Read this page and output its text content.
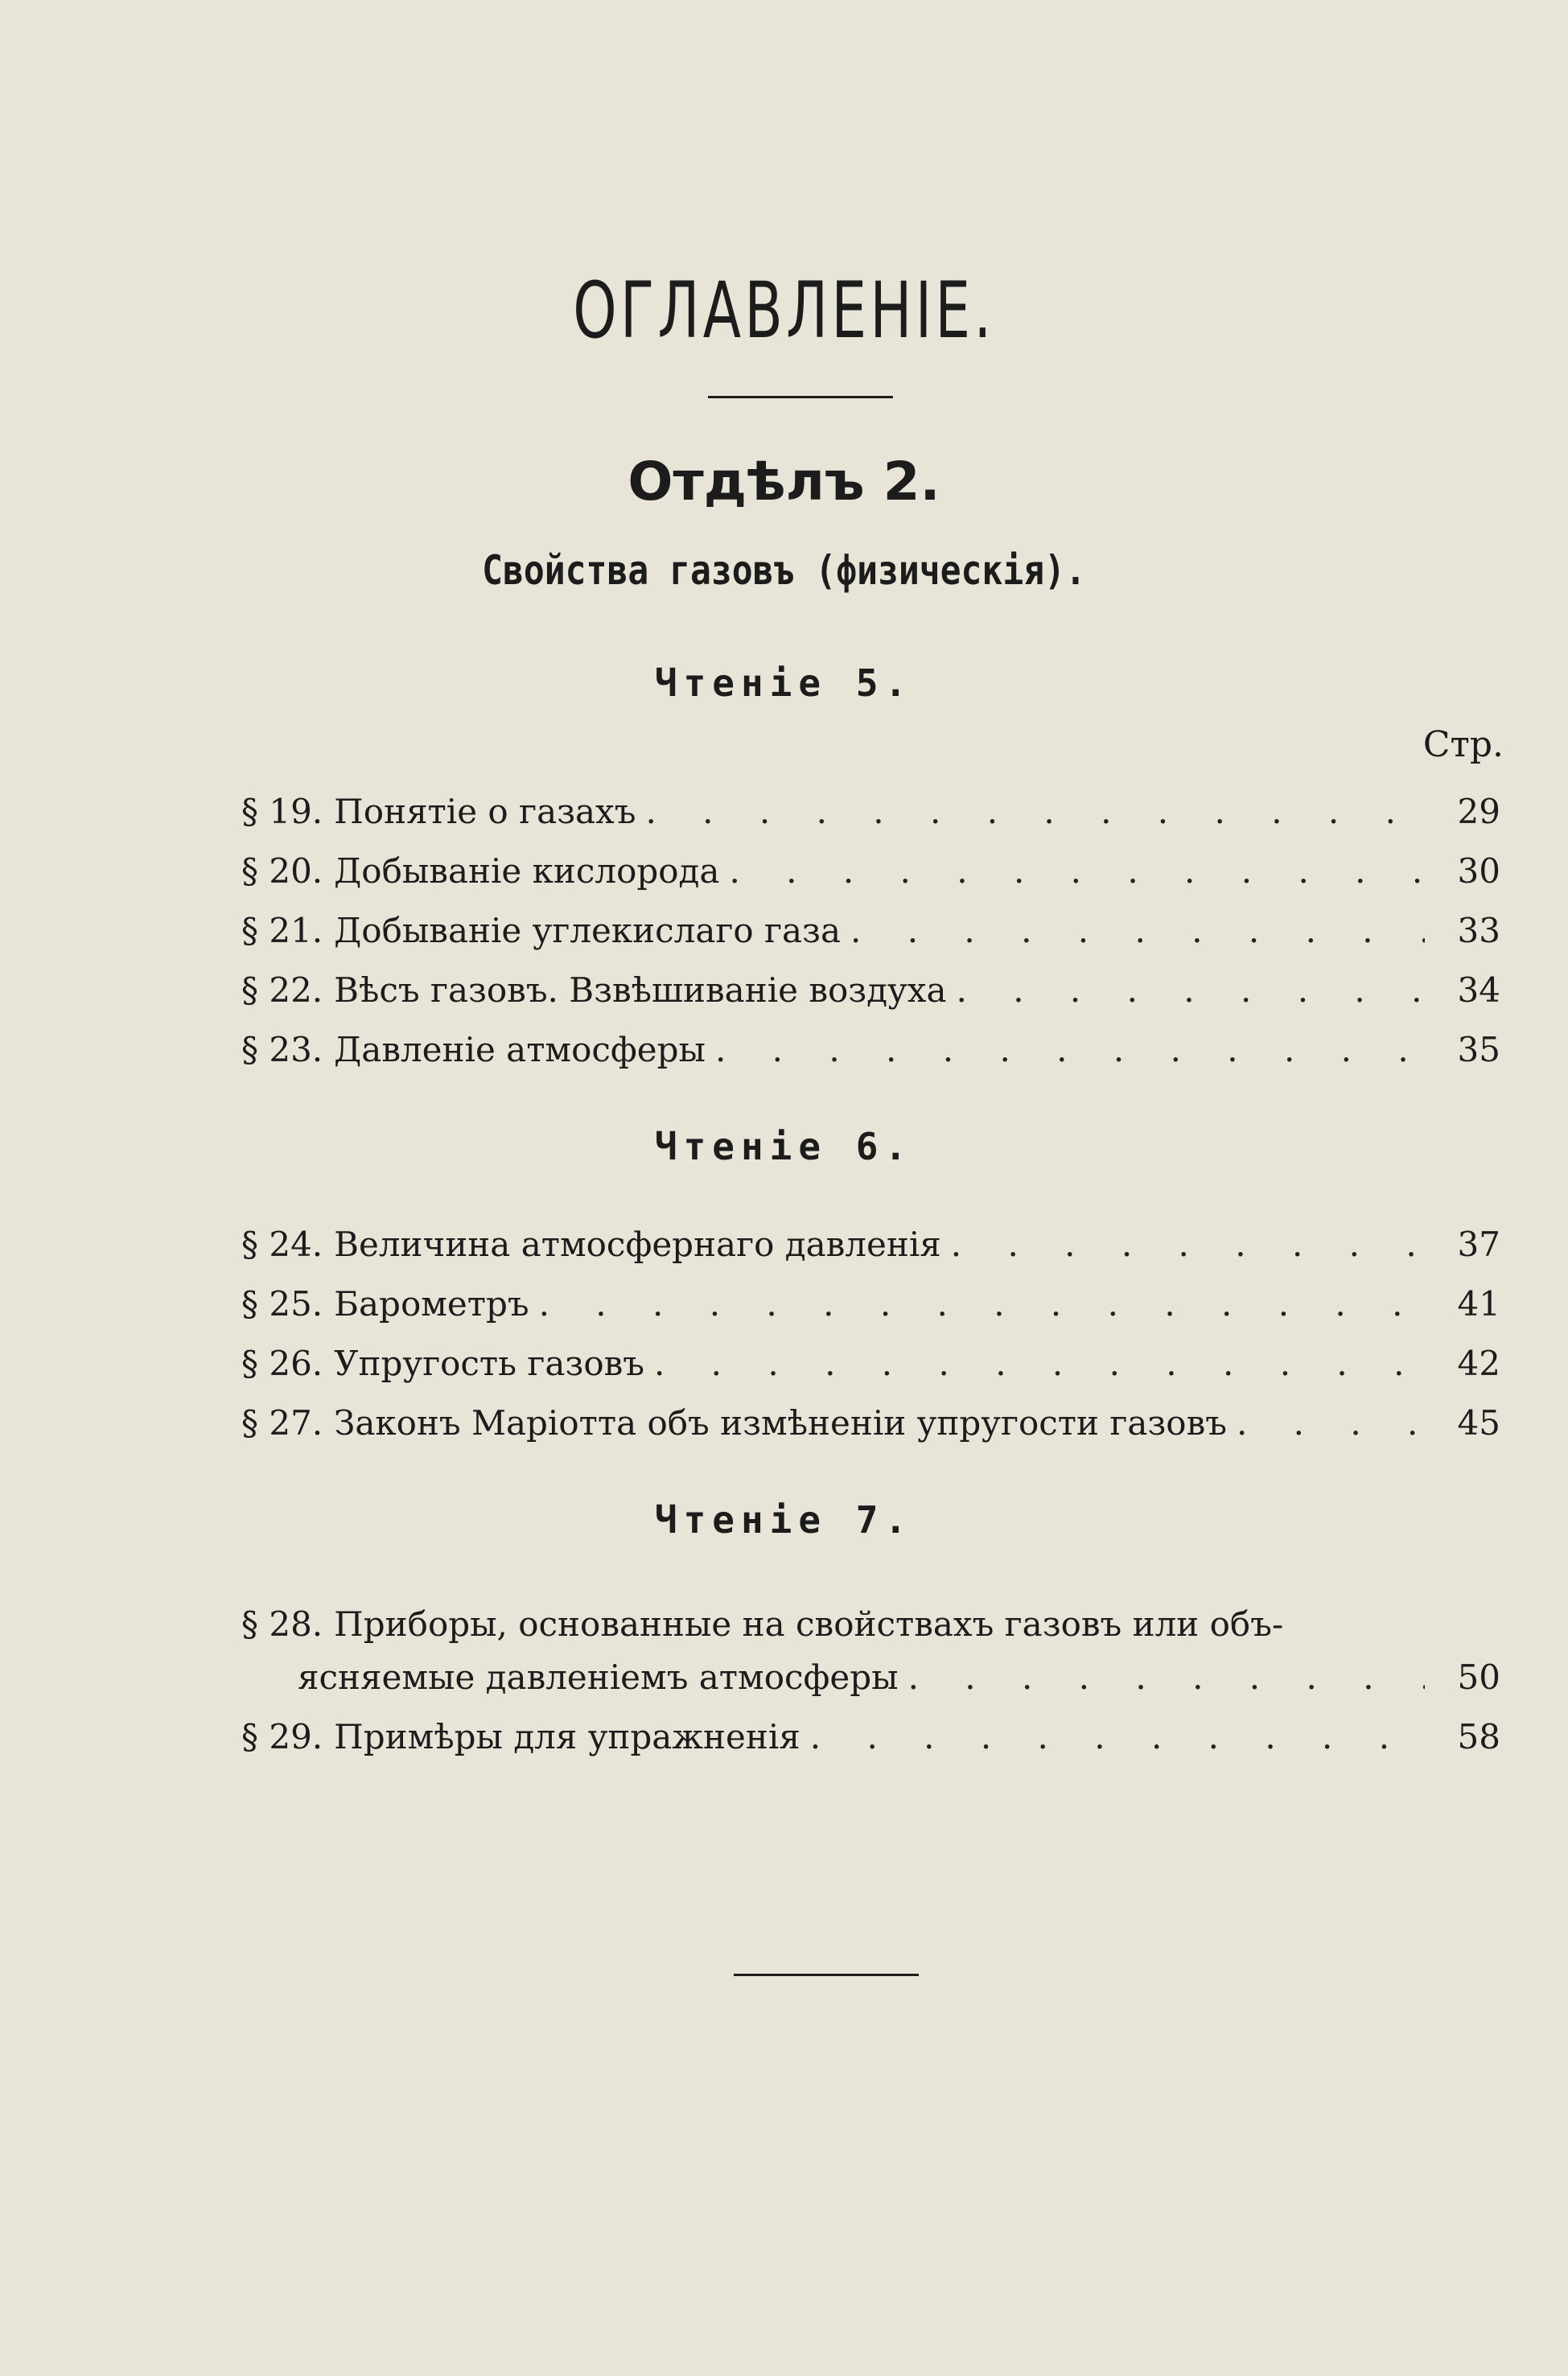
ОГЛАВЛЕНІЕ.
Отдѣлъ 2.
Свойства газовъ (физическія).
Чтеніе 5.
Стр.
§ 19. Понятіе о газахъ . . .	29
§ 20. Добываніе кислорода . . .	30
§ 21. Добываніе углекислаго газа . . .	33
§ 22. Вѣсъ газовъ. Взвѣшиваніе воздуха . . .	34
§ 23. Давленіе атмосферы . . .	35
Чтеніе 6.
§ 24. Величина атмосфернаго давленія . . .	37
§ 25. Барометръ . . .	41
§ 26. Упругость газовъ . . .	42
§ 27. Законъ Маріотта объ измѣненіи упругости газовъ . . .	45
Чтеніе 7.
§ 28. Приборы, основанные на свойствахъ газовъ или объ-
ясняемые давленіемъ атмосферы . . .	50
§ 29. Примѣры для упражненія . . .	58
